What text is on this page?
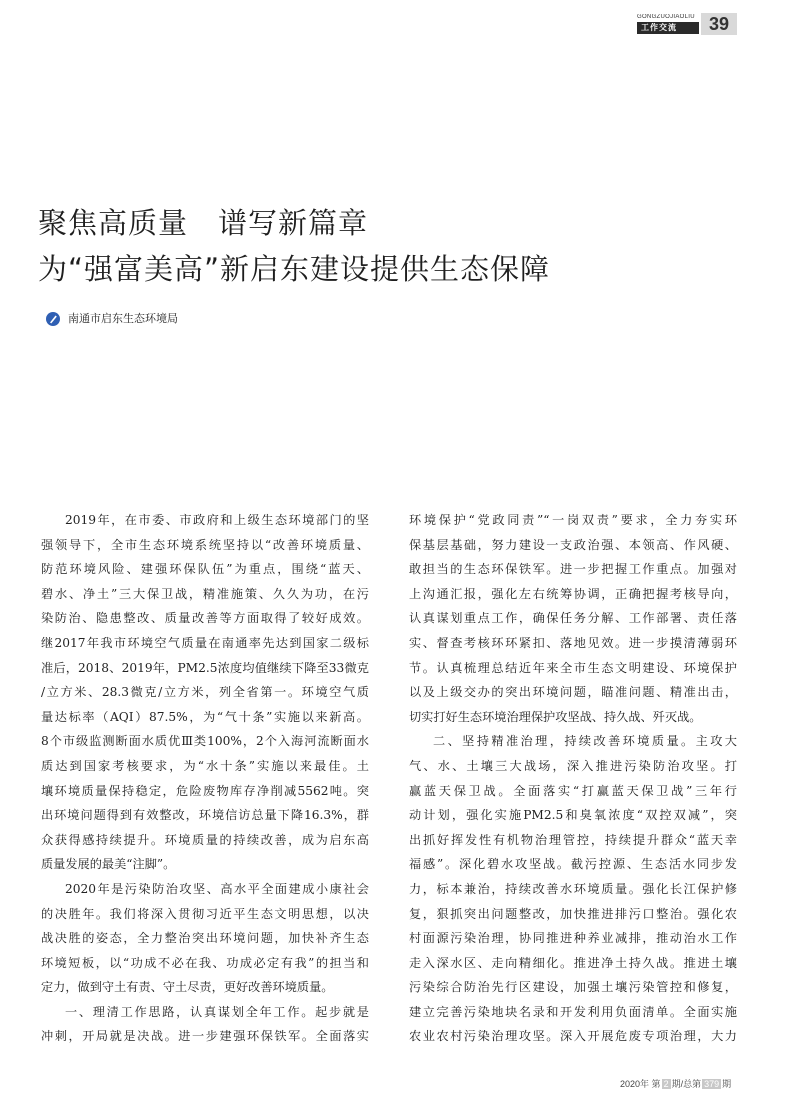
GONGZUOJIAOLIU
工作交流	39
聚焦高质量　谱写新篇章
为“强富美高”新启东建设提供生态保障
南通市启东生态环境局
2019年，在市委、市政府和上级生态环境部门的坚
强领导下，全市生态环境系统坚持以“改善环境质量、
防范环境风险、建强环保队伍”为重点，围绕“蓝天、
碧水、净土”三大保卫战，精准施策、久久为功，在污
染防治、隐患整改、质量改善等方面取得了较好成效。
继2017年我市环境空气质量在南通率先达到国家二级标
准后，2018、2019年，PM2.5浓度均值继续下降至33微克
/立方米、28.3微克/立方米，列全省第一。环境空气质
量达标率（AQI）87.5%，为“气十条”实施以来新高。
8个市级监测断面水质优Ⅲ类100%，2个入海河流断面水
质达到国家考核要求，为“水十条”实施以来最佳。土
壤环境质量保持稳定，危险废物库存净削减5562吨。突
出环境问题得到有效整改，环境信访总量下降16.3%，群
众获得感持续提升。环境质量的持续改善，成为启东高
质量发展的最美“注脚”。
2020年是污染防治攻坚、高水平全面建成小康社会
的决胜年。我们将深入贯彻习近平生态文明思想，以决
战决胜的姿态，全力整治突出环境问题，加快补齐生态
环境短板，以“功成不必在我、功成必定有我”的担当和
定力，做到守土有责、守土尽责，更好改善环境质量。
一、理清工作思路，认真谋划全年工作。起步就是
冲刺，开局就是决战。进一步建强环保铁军。全面落实
环境保护“党政同责”“一岗双责”要求，全力夯实环
保基层基础，努力建设一支政治强、本领高、作风硬、
敢担当的生态环保铁军。进一步把握工作重点。加强对
上沟通汇报，强化左右统筹协调，正确把握考核导向，
认真谋划重点工作，确保任务分解、工作部署、责任落
实、督查考核环环紧扣、落地见效。进一步摸清薄弱环
节。认真梳理总结近年来全市生态文明建设、环境保护
以及上级交办的突出环境问题，瞄准问题、精准出击，
切实打好生态环境治理保护攻坚战、持久战、歼灭战。
二、坚持精准治理，持续改善环境质量。主攻大
气、水、土壤三大战场，深入推进污染防治攻坚。打
赢蓝天保卫战。全面落实“打赢蓝天保卫战”三年行
动计划，强化实施PM2.5和臭氧浓度“双控双减”，突
出抓好挥发性有机物治理管控，持续提升群众“蓝天幸
福感”。深化碧水攻坚战。截污控源、生态活水同步发
力，标本兼治，持续改善水环境质量。强化长江保护修
复，狠抓突出问题整改，加快推进排污口整治。强化农
村面源污染治理，协同推进种养业减排，推动治水工作
走入深水区、走向精细化。推进净土持久战。推进土壤
污染综合防治先行区建设，加强土壤污染管控和修复，
建立完善污染地块名录和开发利用负面清单。全面实施
农业农村污染治理攻坚。深入开展危废专项治理，大力
2020年 第 2 期/总第 379 期
